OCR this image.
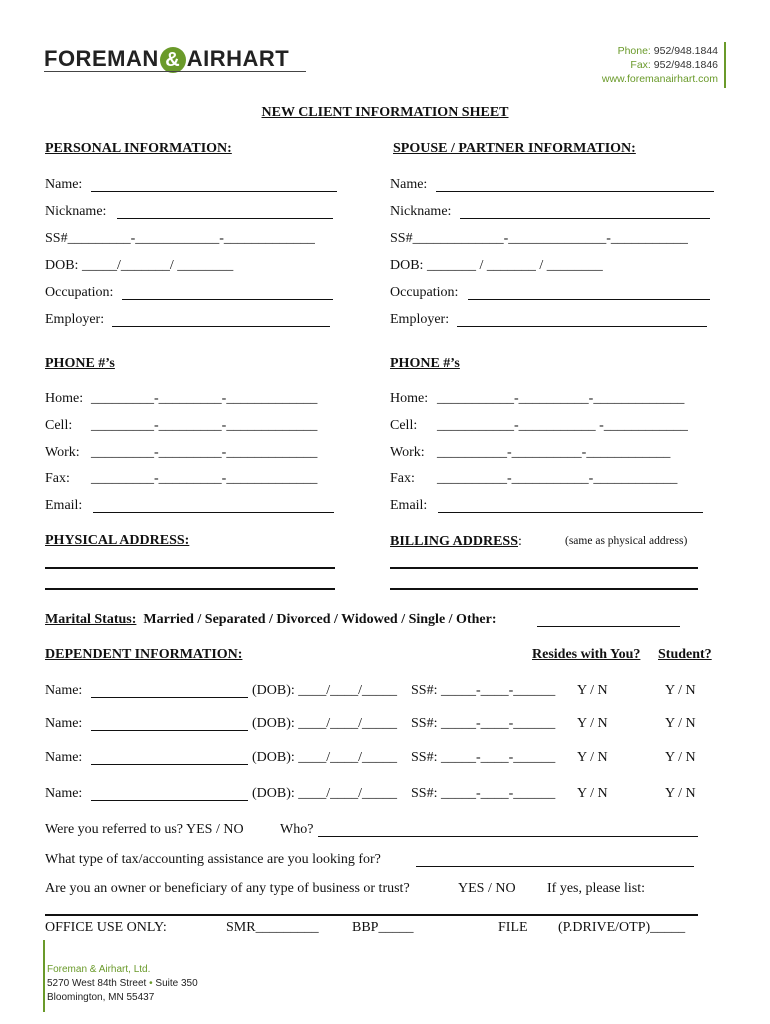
FOREMAN & AIRHART	Phone: 952/948.1844
Fax: 952/948.1846
www.foremanairhart.com
NEW CLIENT INFORMATION SHEET
PERSONAL INFORMATION:	SPOUSE / PARTNER INFORMATION:
Name:
Nickname:
SS#_________-____________-_____________
DOB: _____/_______/ ________
Occupation:
Employer:
Name:
Nickname:
SS#_____________-______________-___________
DOB: _______ / _______ / ________
Occupation:
Employer:
PHONE #’s	PHONE #’s
Home: _________-_________-_____________
Cell: _________-_________-_____________
Work: _________-_________-_____________
Fax: _________-_________-_____________
Email:
Home: ___________-__________-_____________
Cell: ___________-___________ -____________
Work: __________-__________-____________
Fax: __________-___________-____________
Email:
PHYSICAL ADDRESS:	BILLING ADDRESS:	(same as physical address)
Marital Status: Married / Separated / Divorced / Widowed / Single / Other:
DEPENDENT INFORMATION:	Resides with You? Student?
Name:	(DOB): ____/____/_____ SS#: _____-____-______ Y / N	Y / N
Name:	(DOB): ____/____/_____ SS#: _____-____-______ Y / N	Y / N
Name:	(DOB): ____/____/_____ SS#: _____-____-______ Y / N	Y / N
Name:	(DOB): ____/____/_____ SS#: _____-____-______ Y / N	Y / N
Were you referred to us? YES / NO	Who?
What type of tax/accounting assistance are you looking for?
Are you an owner or beneficiary of any type of business or trust?	YES / NO If yes, please list:
OFFICE USE ONLY:	SMR_________ BBP_____	FILE (P.DRIVE/OTP)_____
Foreman & Airhart, Ltd.
5270 West 84th Street • Suite 350
Bloomington, MN 55437
